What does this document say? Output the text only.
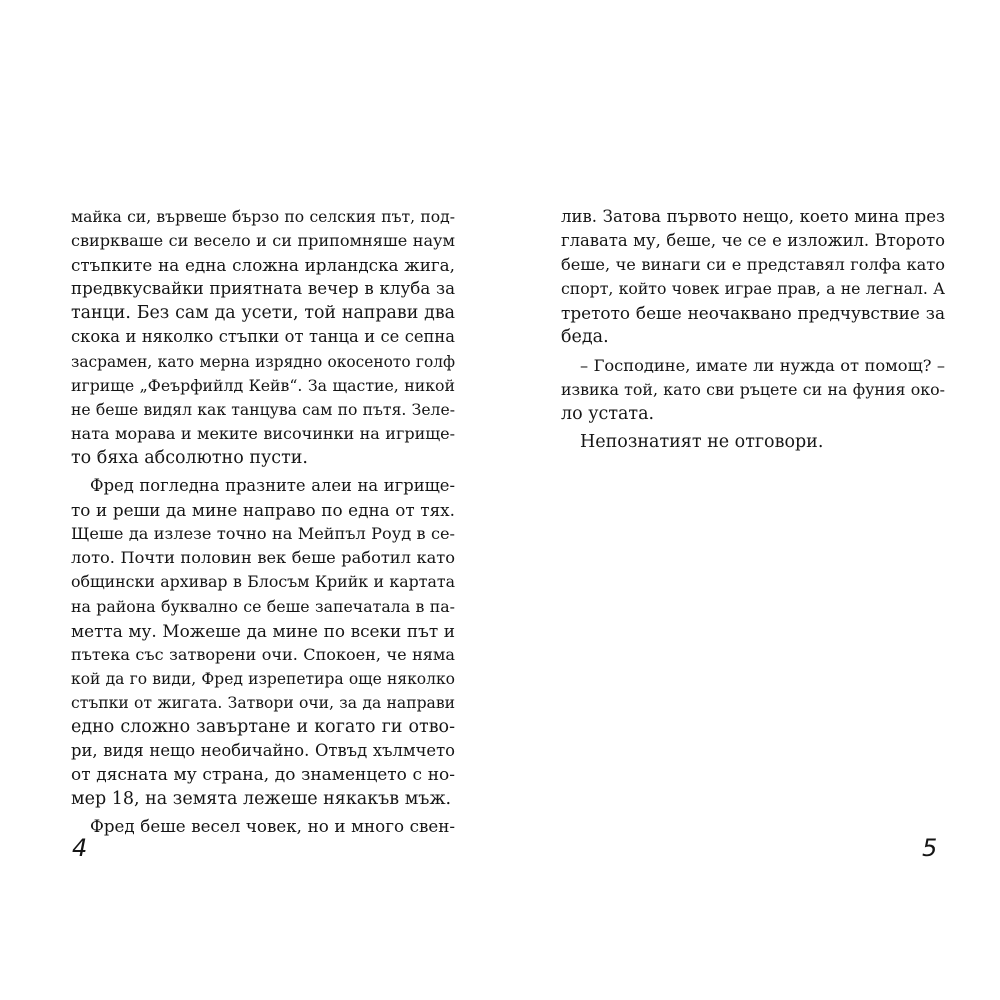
майка си, вървеше бързо по селския път, под-
свиркваше си весело и си припомняше наум
стъпките на една сложна ирландска жига,
предвкусвайки приятната вечер в клуба за
танци. Без сам да усети, той направи два
скока и няколко стъпки от танца и се сепна
засрамен, като мерна изрядно окосеното голф
игрище „Феърфийлд Кейв“. За щастие, никой
не беше видял как танцува сам по пътя. Зеле-
ната морава и меките височинки на игрище-
то бяха абсолютно пусти.
Фред погледна празните алеи на игрище-
то и реши да мине направо по една от тях.
Щеше да излезе точно на Мейпъл Роуд в се-
лото. Почти половин век беше работил като
общински архивар в Блосъм Крийк и картата
на района буквално се беше запечатала в па-
метта му. Можеше да мине по всеки път и
пътека със затворени очи. Спокоен, че няма
кой да го види, Фред изрепетира още няколко
стъпки от жигата. Затвори очи, за да направи
едно сложно завъртане и когато ги отво-
ри, видя нещо необичайно. Отвъд хълмчето
от дясната му страна, до знаменцето с но-
мер 18, на земята лежеше някакъв мъж.
Фред беше весел човек, но и много свен-
4
лив. Затова първото нещо, което мина през
главата му, беше, че се е изложил. Второто
беше, че винаги си е представял голфа като
спорт, който човек играе прав, а не легнал. А
третото беше неочаквано предчувствие за
беда.
– Господине, имате ли нужда от помощ? –
извика той, като сви ръцете си на фуния око-
ло устата.
Непознатият не отговори.
5
